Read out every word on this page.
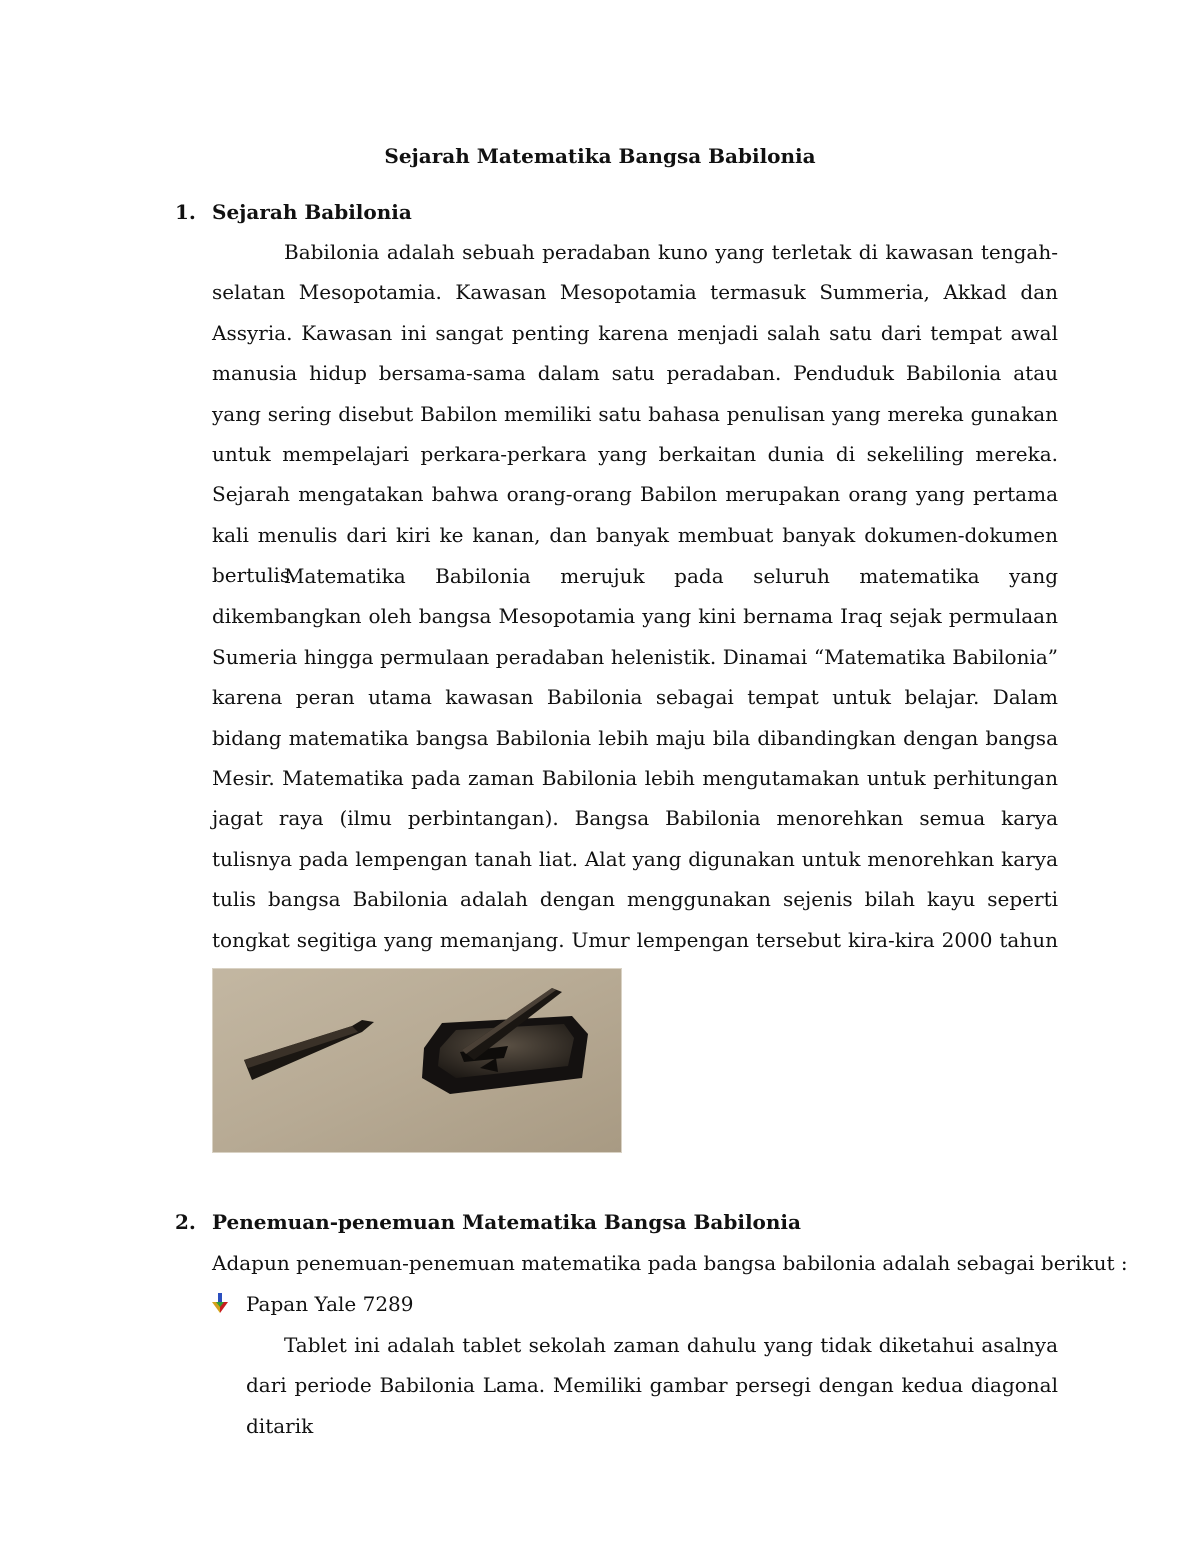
Sejarah Matematika Bangsa Babilonia
1. Sejarah Babilonia

Babilonia adalah sebuah peradaban kuno yang terletak di kawasan tengah-selatan Mesopotamia. Kawasan Mesopotamia termasuk Summeria, Akkad dan Assyria. Kawasan ini sangat penting karena menjadi salah satu dari tempat awal manusia hidup bersama-sama dalam satu peradaban. Penduduk Babilonia atau yang sering disebut Babilon memiliki satu bahasa penulisan yang mereka gunakan untuk mempelajari perkara-perkara yang berkaitan dunia di sekeliling mereka. Sejarah mengatakan bahwa orang-orang Babilon merupakan orang yang pertama kali menulis dari kiri ke kanan, dan banyak membuat banyak dokumen-dokumen bertulis.

Matematika Babilonia merujuk pada seluruh matematika yang dikembangkan oleh bangsa Mesopotamia yang kini bernama Iraq sejak permulaan Sumeria hingga permulaan peradaban helenistik. Dinamai “Matematika Babilonia” karena peran utama kawasan Babilonia sebagai tempat untuk belajar. Dalam bidang matematika bangsa Babilonia lebih maju bila dibandingkan dengan bangsa Mesir. Matematika pada zaman Babilonia lebih mengutamakan untuk perhitungan jagat raya (ilmu perbintangan). Bangsa Babilonia menorehkan semua karya tulisnya pada lempengan tanah liat. Alat yang digunakan untuk menorehkan karya tulis bangsa Babilonia adalah dengan menggunakan sejenis bilah kayu seperti tongkat segitiga yang memanjang. Umur lempengan tersebut kira-kira 2000 tahun

2. Penemuan-penemuan Matematika Bangsa Babilonia
Adapun penemuan-penemuan matematika pada bangsa babilonia adalah sebagai berikut :
Papan Yale 7289

Tablet ini adalah tablet sekolah zaman dahulu yang tidak diketahui asalnya dari periode Babilonia Lama. Memiliki gambar persegi dengan kedua diagonal ditarik
